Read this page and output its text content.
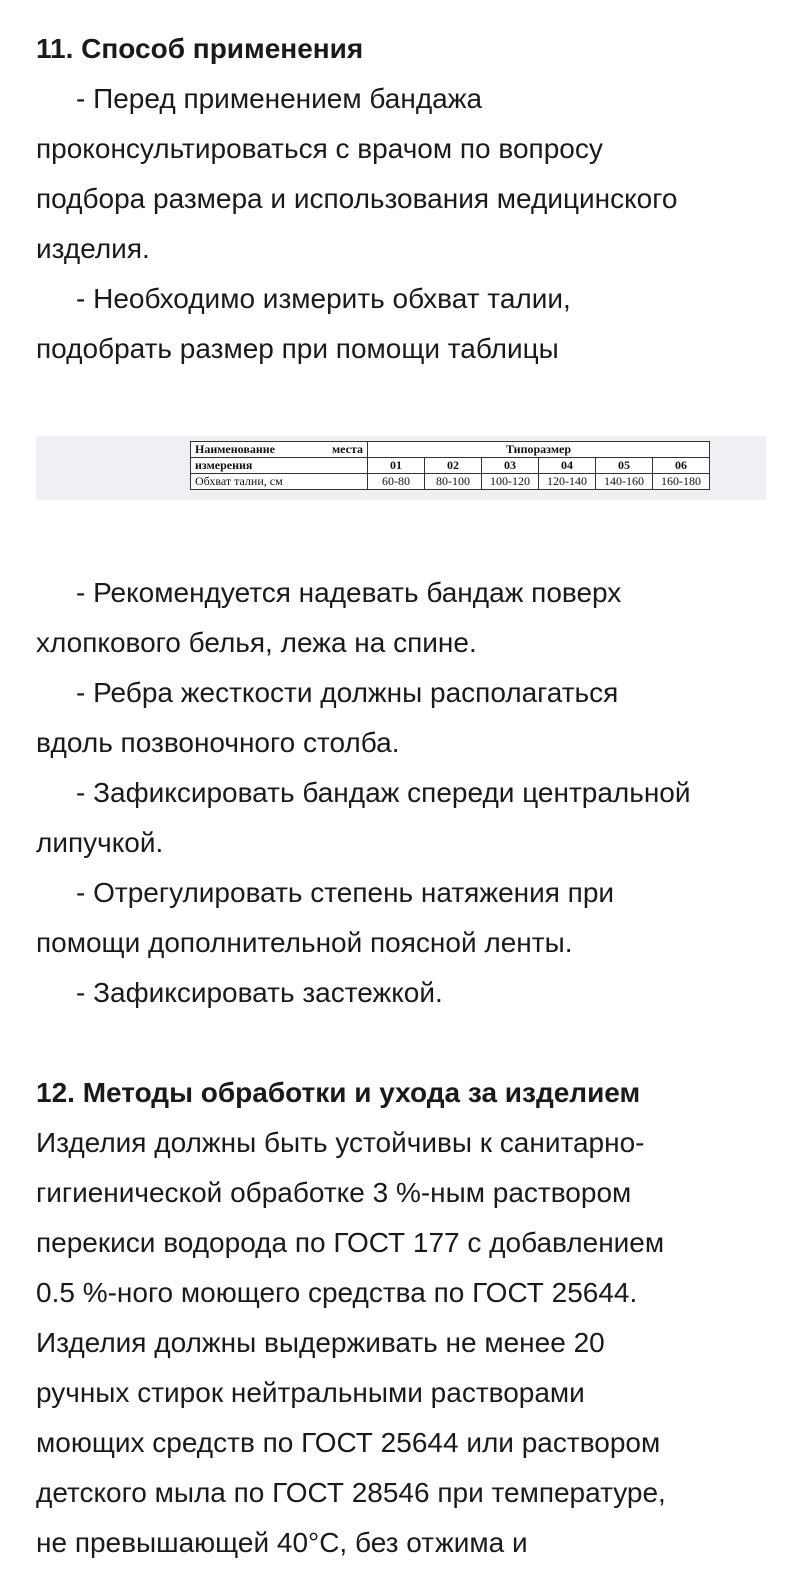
11. Способ применения
- Перед применением бандажа
проконсультироваться с врачом по вопросу
подбора размера и использования медицинского
изделия.
- Необходимо измерить обхват талии,
подобрать размер при помощи таблицы
Наименование места	Типоразмер					
измерения	01	02	03	04	05	06
Обхват талии, см	60-80	80-100	100-120	120-140	140-160	160-180
- Рекомендуется надевать бандаж поверх
хлопкового белья, лежа на спине.
- Ребра жесткости должны располагаться
вдоль позвоночного столба.
- Зафиксировать бандаж спереди центральной
липучкой.
- Отрегулировать степень натяжения при
помощи дополнительной поясной ленты.
- Зафиксировать застежкой.
12. Методы обработки и ухода за изделием
Изделия должны быть устойчивы к санитарно-
гигиенической обработке 3 %-ным раствором
перекиси водорода по ГОСТ 177 с добавлением
0.5 %-ного моющего средства по ГОСТ 25644.
Изделия должны выдерживать не менее 20
ручных стирок нейтральными растворами
моющих средств по ГОСТ 25644 или раствором
детского мыла по ГОСТ 28546 при температуре,
не превышающей 40°С, без отжима и
